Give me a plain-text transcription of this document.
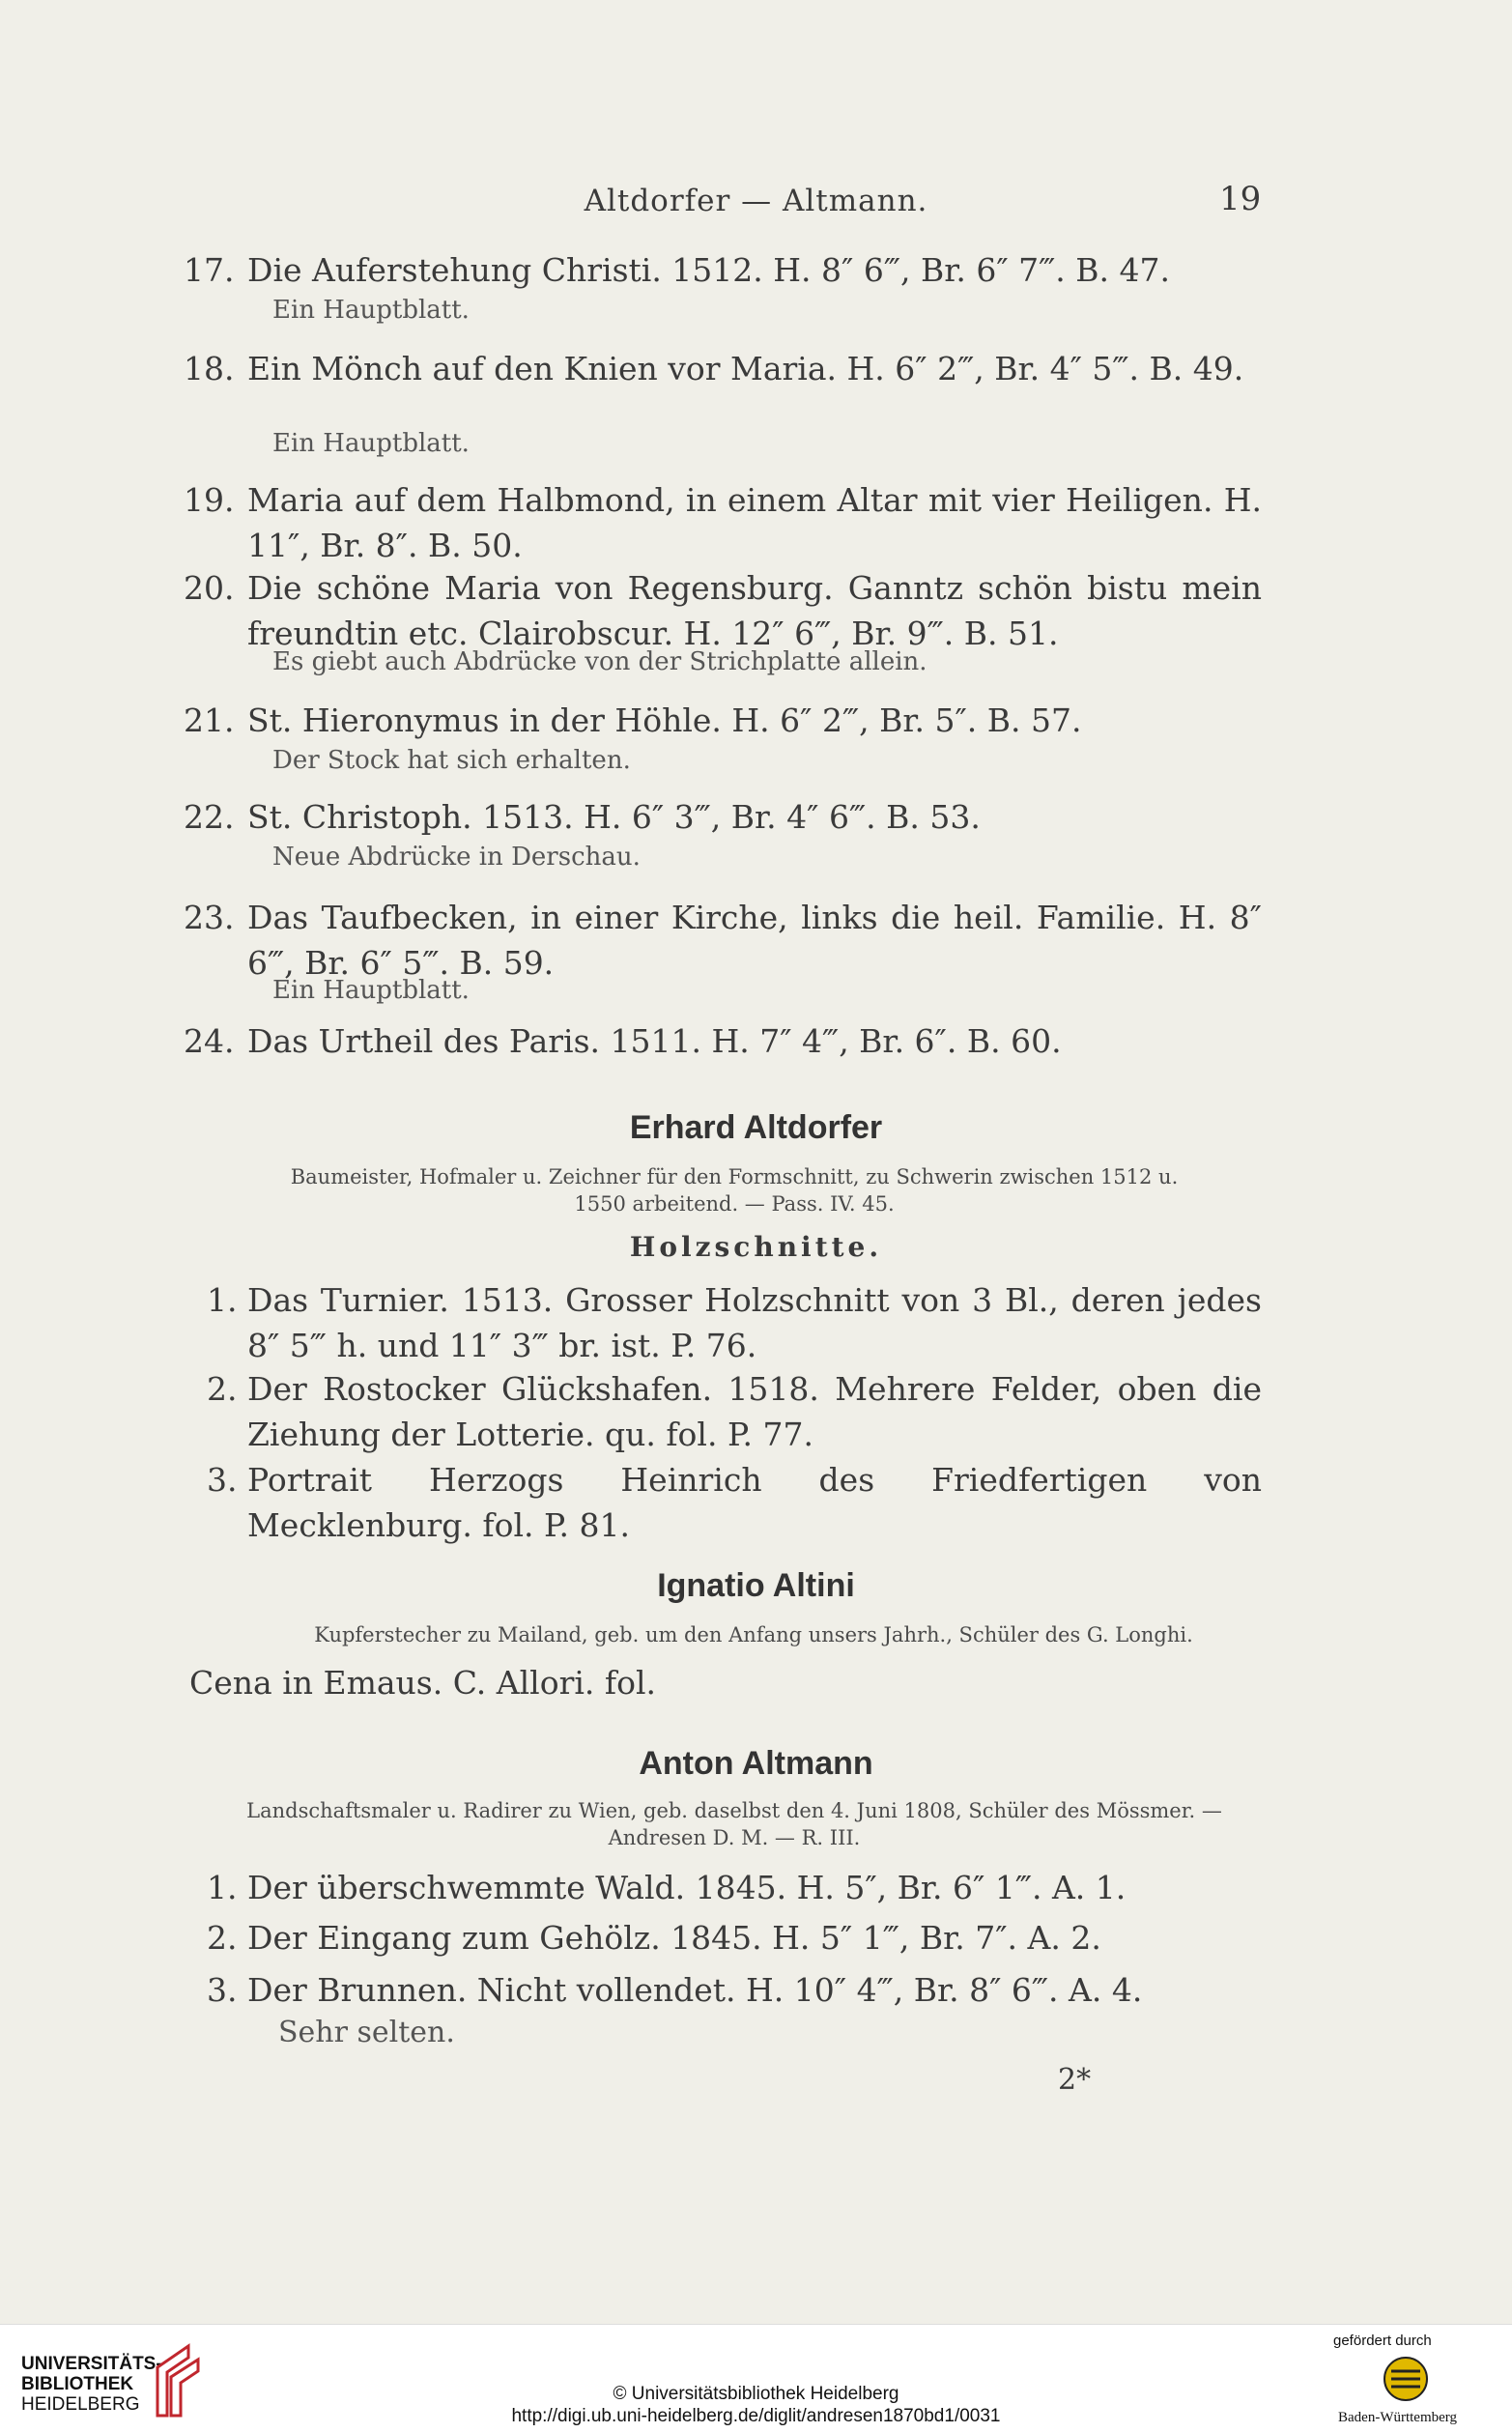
Altdorfer — Altmann.	19
17. Die Auferstehung Christi. 1512. H. 8″ 6‴, Br. 6″ 7‴. B. 47.
Ein Hauptblatt.
18. Ein Mönch auf den Knien vor Maria. H. 6″ 2‴, Br. 4″ 5‴. B. 49.
Ein Hauptblatt.
19. Maria auf dem Halbmond, in einem Altar mit vier Heiligen. H. 11″, Br. 8″. B. 50.
20. Die schöne Maria von Regensburg. Ganntz schön bistu mein freundtin etc. Clairobscur. H. 12″ 6‴, Br. 9‴. B. 51.
Es giebt auch Abdrücke von der Strichplatte allein.
21. St. Hieronymus in der Höhle. H. 6″ 2‴, Br. 5″. B. 57.
Der Stock hat sich erhalten.
22. St. Christoph. 1513. H. 6″ 3‴, Br. 4″ 6‴. B. 53.
Neue Abdrücke in Derschau.
23. Das Taufbecken, in einer Kirche, links die heil. Familie. H. 8″ 6‴, Br. 6″ 5‴. B. 59.
Ein Hauptblatt.
24. Das Urtheil des Paris. 1511. H. 7″ 4‴, Br. 6″. B. 60.
Erhard Altdorfer
Baumeister, Hofmaler u. Zeichner für den Formschnitt, zu Schwerin zwischen 1512 u.
1550 arbeitend. — Pass. IV. 45.
Holzschnitte.
1. Das Turnier. 1513. Grosser Holzschnitt von 3 Bl., deren jedes 8″ 5‴ h. und 11″ 3‴ br. ist. P. 76.
2. Der Rostocker Glückshafen. 1518. Mehrere Felder, oben die Ziehung der Lotterie. qu. fol. P. 77.
3. Portrait Herzogs Heinrich des Friedfertigen von Mecklenburg. fol. P. 81.
Ignatio Altini
Kupferstecher zu Mailand, geb. um den Anfang unsers Jahrh., Schüler des G. Longhi.
Cena in Emaus. C. Allori. fol.
Anton Altmann
Landschaftsmaler u. Radirer zu Wien, geb. daselbst den 4. Juni 1808, Schüler des Mössmer. — Andresen D. M. — R. III.
1. Der überschwemmte Wald. 1845. H. 5″, Br. 6″ 1‴. A. 1.
2. Der Eingang zum Gehölz. 1845. H. 5″ 1‴, Br. 7″. A. 2.
3. Der Brunnen. Nicht vollendet. H. 10″ 4‴, Br. 8″ 6‴. A. 4.
Sehr selten.
2*
UNIVERSITÄTS-
BIBLIOTHEK
HEIDELBERG
© Universitätsbibliothek Heidelberg
http://digi.ub.uni-heidelberg.de/diglit/andresen1870bd1/0031
gefördert durch
Baden-Württemberg
